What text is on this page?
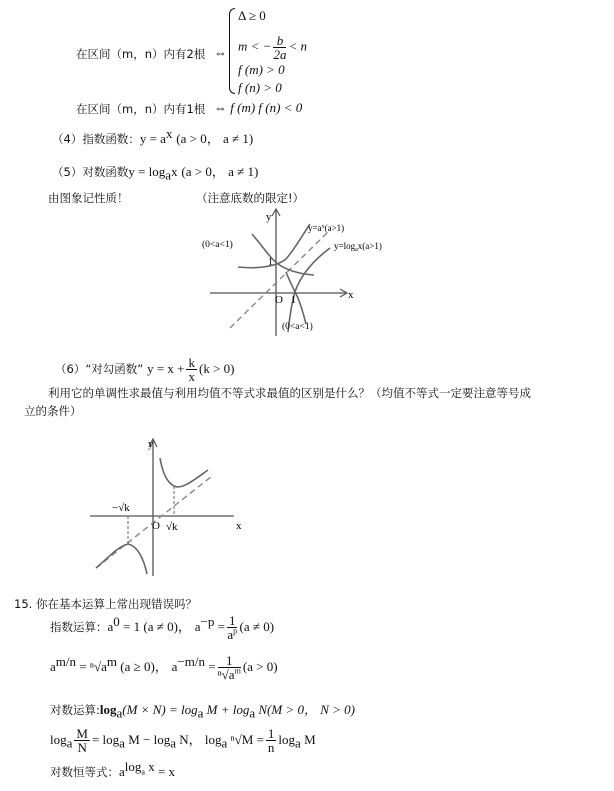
在区间（m，n）内有2根 ⇔
Δ ≥ 0
m < − $\frac{b}{2a} < n$
f (m) > 0
f (n) > 0
在区间（m，n）内有1根 ⇔ f (m) f (n) < 0
（4）指数函数：$y = a^x$ (a > 0， a ≠ 1)
（5）对数函数$y = \log_ax$ (a > 0， a ≠ 1)
由图象记性质！	（注意底数的限定!）
y
x
O 1
1
$y=a^x(a>1)$
$y=\log_ax(a>1)$
(0<a<1)
(0<a<1)
（6）“对勾函数” $y = x + \frac{k}{x} (k > 0)$
利用它的单调性求最值与利用均值不等式求最值的区别是什么？（均值不等式一定要注意等号成
立的条件）
y
x
O
−√k
√k
15. 你在基本运算上常出现错误吗？
指数运算：$a^0 = 1$ (a ≠ 0)， $a^{-p} = \frac{1}{a^p} (a \ne 0)$
$a^{m/n} = ^n√a^m$ (a ≥ 0)， $a^{-m/n} = \frac{1}{^n√a^m} (a > 0)$
对数运算$:\log_a(M \times N) = \log_a M + \log_a N(M > 0$， N > 0)
$\log_a \frac{M}{N} = \log_a M - \log_a N$， $\log_a ^n√M = \frac{1}{n} \log_a M$
对数恒等式：$a^{log_a x} = x$
